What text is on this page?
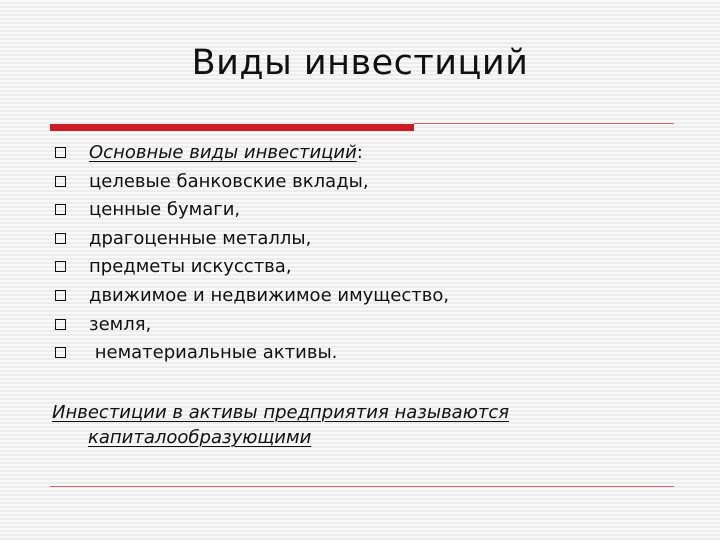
Виды инвестиций
Основные виды инвестиций:
целевые банковские вклады,
ценные бумаги,
драгоценные металлы,
предметы искусства,
движимое и недвижимое имущество,
земля,
нематериальные активы.
Инвестиции в активы предприятия называются
капиталообразующими
